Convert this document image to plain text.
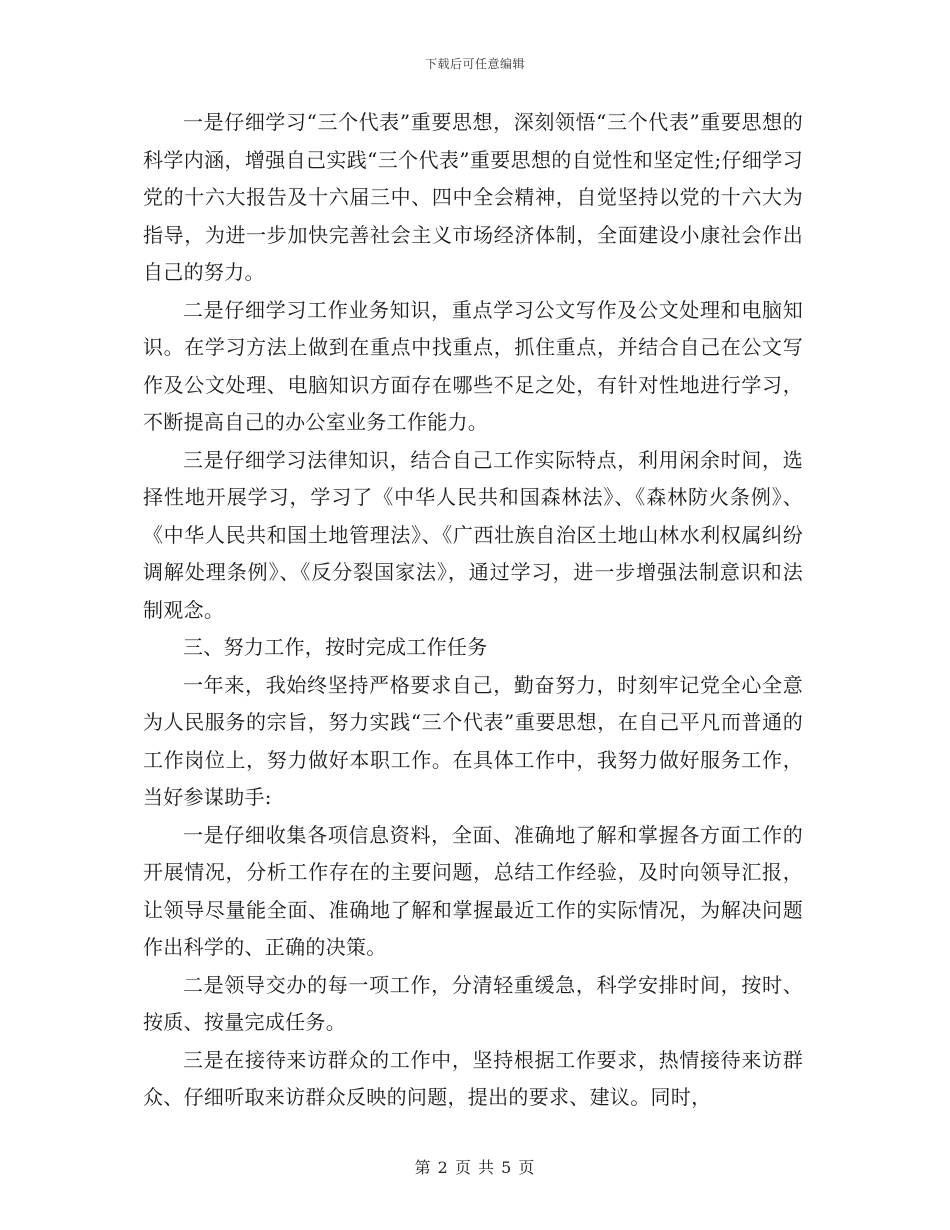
下载后可任意编辑

一是仔细学习“三个代表”重要思想，深刻领悟“三个代表”重要思想的科学内涵，增强自己实践“三个代表”重要思想的自觉性和坚定性;仔细学习党的十六大报告及十六届三中、四中全会精神，自觉坚持以党的十六大为指导，为进一步加快完善社会主义市场经济体制，全面建设小康社会作出自己的努力。

二是仔细学习工作业务知识，重点学习公文写作及公文处理和电脑知识。在学习方法上做到在重点中找重点，抓住重点，并结合自己在公文写作及公文处理、电脑知识方面存在哪些不足之处，有针对性地进行学习，不断提高自己的办公室业务工作能力。

三是仔细学习法律知识，结合自己工作实际特点，利用闲余时间，选择性地开展学习，学习了《中华人民共和国森林法》、《森林防火条例》、《中华人民共和国土地管理法》、《广西壮族自治区土地山林水利权属纠纷调解处理条例》、《反分裂国家法》，通过学习，进一步增强法制意识和法制观念。

三、努力工作，按时完成工作任务

一年来，我始终坚持严格要求自己，勤奋努力，时刻牢记党全心全意为人民服务的宗旨，努力实践“三个代表”重要思想，在自己平凡而普通的工作岗位上，努力做好本职工作。在具体工作中，我努力做好服务工作，当好参谋助手:

一是仔细收集各项信息资料，全面、准确地了解和掌握各方面工作的开展情况，分析工作存在的主要问题，总结工作经验，及时向领导汇报，让领导尽量能全面、准确地了解和掌握最近工作的实际情况，为解决问题作出科学的、正确的决策。

二是领导交办的每一项工作，分清轻重缓急，科学安排时间，按时、按质、按量完成任务。

三是在接待来访群众的工作中，坚持根据工作要求，热情接待来访群众、仔细听取来访群众反映的问题，提出的要求、建议。同时，

第 2 页 共 5 页
